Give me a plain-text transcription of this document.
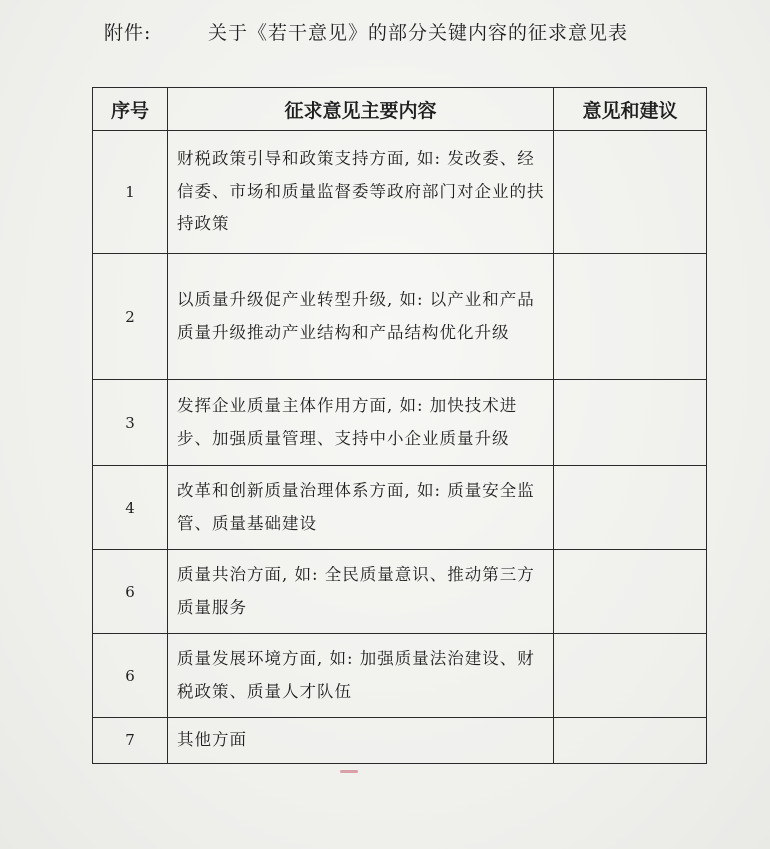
附件:	关于《若干意见》的部分关键内容的征求意见表
序号	征求意见主要内容	意见和建议
1	财税政策引导和政策支持方面, 如: 发改委、经信委、市场和质量监督委等政府部门对企业的扶持政策	
2	以质量升级促产业转型升级, 如: 以产业和产品质量升级推动产业结构和产品结构优化升级	
3	发挥企业质量主体作用方面, 如: 加快技术进步、加强质量管理、支持中小企业质量升级	
4	改革和创新质量治理体系方面, 如: 质量安全监管、质量基础建设	
6	质量共治方面, 如: 全民质量意识、推动第三方质量服务	
6	质量发展环境方面, 如: 加强质量法治建设、财税政策、质量人才队伍	
7	其他方面	
